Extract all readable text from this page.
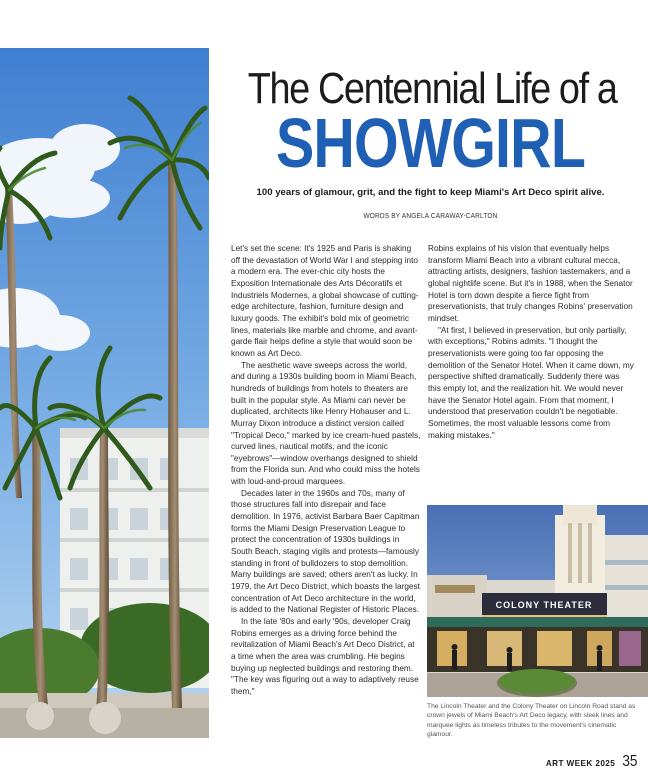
The Centennial Life of a
SHOWGIRL

100 years of glamour, grit, and the fight to keep Miami's Art Deco spirit alive.

WORDS BY ANGELA CARAWAY-CARLTON

Let's set the scene: It's 1925 and Paris is shaking off the devastation of World War I and stepping into a modern era. The ever-chic city hosts the Exposition Internationale des Arts Décoratifs et Industriels Modernes, a global showcase of cutting-edge architecture, fashion, furniture design and luxury goods. The exhibit's bold mix of geometric lines, materials like marble and chrome, and avant-garde flair helps define a style that would soon be known as Art Deco.

The aesthetic wave sweeps across the world, and during a 1930s building boom in Miami Beach, hundreds of buildings from hotels to theaters are built in the popular style. As Miami can never be duplicated, architects like Henry Hohauser and L. Murray Dixon introduce a distinct version called "Tropical Deco," marked by ice cream-hued pastels, curved lines, nautical motifs, and the iconic "eyebrows"—window overhangs designed to shield from the Florida sun. And who could miss the hotels with loud-and-proud marquees.

Decades later in the 1960s and 70s, many of those structures fall into disrepair and face demolition. In 1976, activist Barbara Baer Capitman forms the Miami Design Preservation League to protect the concentration of 1930s buildings in South Beach, staging vigils and protests—famously standing in front of bulldozers to stop demolition. Many buildings are saved; others aren't as lucky. In 1979, the Art Deco District, which boasts the largest concentration of Art Deco architecture in the world, is added to the National Register of Historic Places.

In the late '80s and early '90s, developer Craig Robins emerges as a driving force behind the revitalization of Miami Beach's Art Deco District, at a time when the area was crumbling. He begins buying up neglected buildings and restoring them. "The key was figuring out a way to adaptively reuse them,"

Robins explains of his vision that eventually helps transform Miami Beach into a vibrant cultural mecca, attracting artists, designers, fashion tastemakers, and a global nightlife scene. But it's in 1988, when the Senator Hotel is torn down despite a fierce fight from preservationists, that truly changes Robins' preservation mindset.

"At first, I believed in preservation, but only partially, with exceptions," Robins admits. "I thought the preservationists were going too far opposing the demolition of the Senator Hotel. When it came down, my perspective shifted dramatically. Suddenly there was this empty lot, and the realization hit. We would never have the Senator Hotel again. From that moment, I understood that preservation couldn't be negotiable. Sometimes, the most valuable lessons come from making mistakes."

COLONY THEATER

The Lincoln Theater and the Colony Theater on Lincoln Road stand as crown jewels of Miami Beach's Art Deco legacy, with sleek lines and marquee lights as timeless tributes to the movement's cinematic glamour.

ART WEEK 2025 35
